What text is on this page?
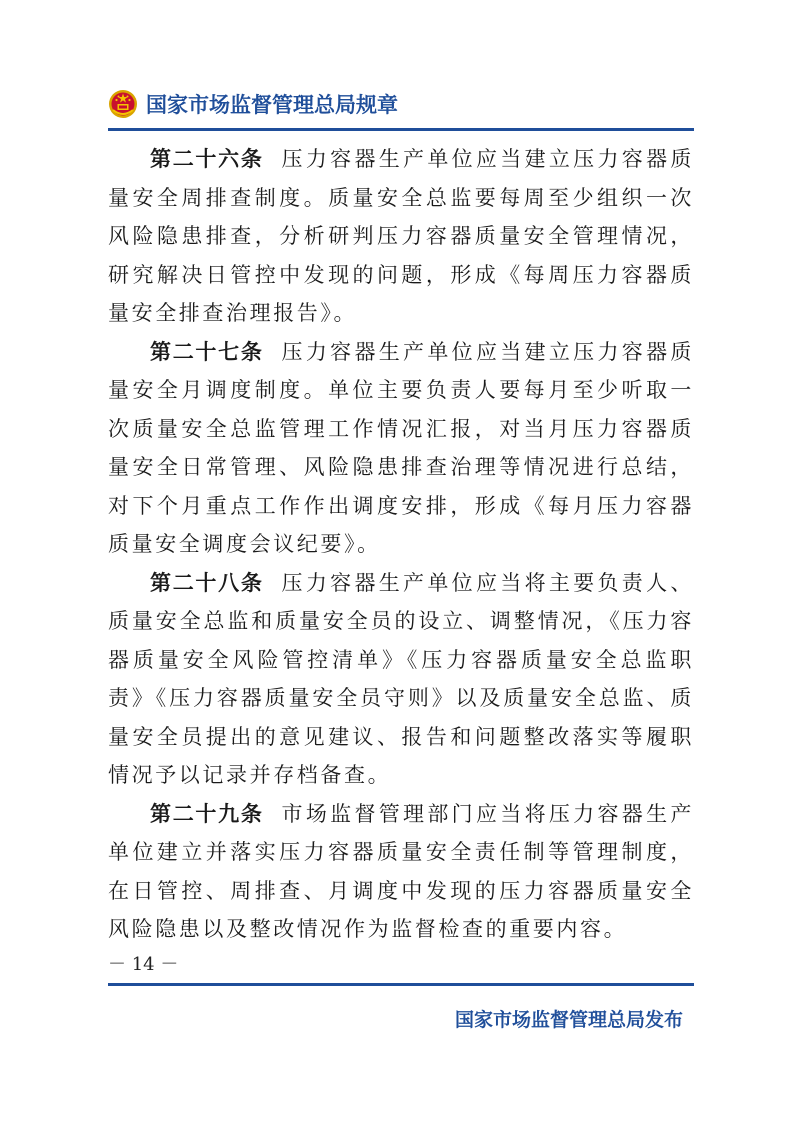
国家市场监督管理总局规章

第二十六条 压力容器生产单位应当建立压力容器质量安全周排查制度。质量安全总监要每周至少组织一次风险隐患排查，分析研判压力容器质量安全管理情况，研究解决日管控中发现的问题，形成《每周压力容器质量安全排查治理报告》。

第二十七条 压力容器生产单位应当建立压力容器质量安全月调度制度。单位主要负责人要每月至少听取一次质量安全总监管理工作情况汇报，对当月压力容器质量安全日常管理、风险隐患排查治理等情况进行总结，对下个月重点工作作出调度安排，形成《每月压力容器质量安全调度会议纪要》。

第二十八条 压力容器生产单位应当将主要负责人、质量安全总监和质量安全员的设立、调整情况，《压力容器质量安全风险管控清单》《压力容器质量安全总监职责》《压力容器质量安全员守则》以及质量安全总监、质量安全员提出的意见建议、报告和问题整改落实等履职情况予以记录并存档备查。

第二十九条 市场监督管理部门应当将压力容器生产单位建立并落实压力容器质量安全责任制等管理制度，在日管控、周排查、月调度中发现的压力容器质量安全风险隐患以及整改情况作为监督检查的重要内容。

－ 14 －
国家市场监督管理总局发布
